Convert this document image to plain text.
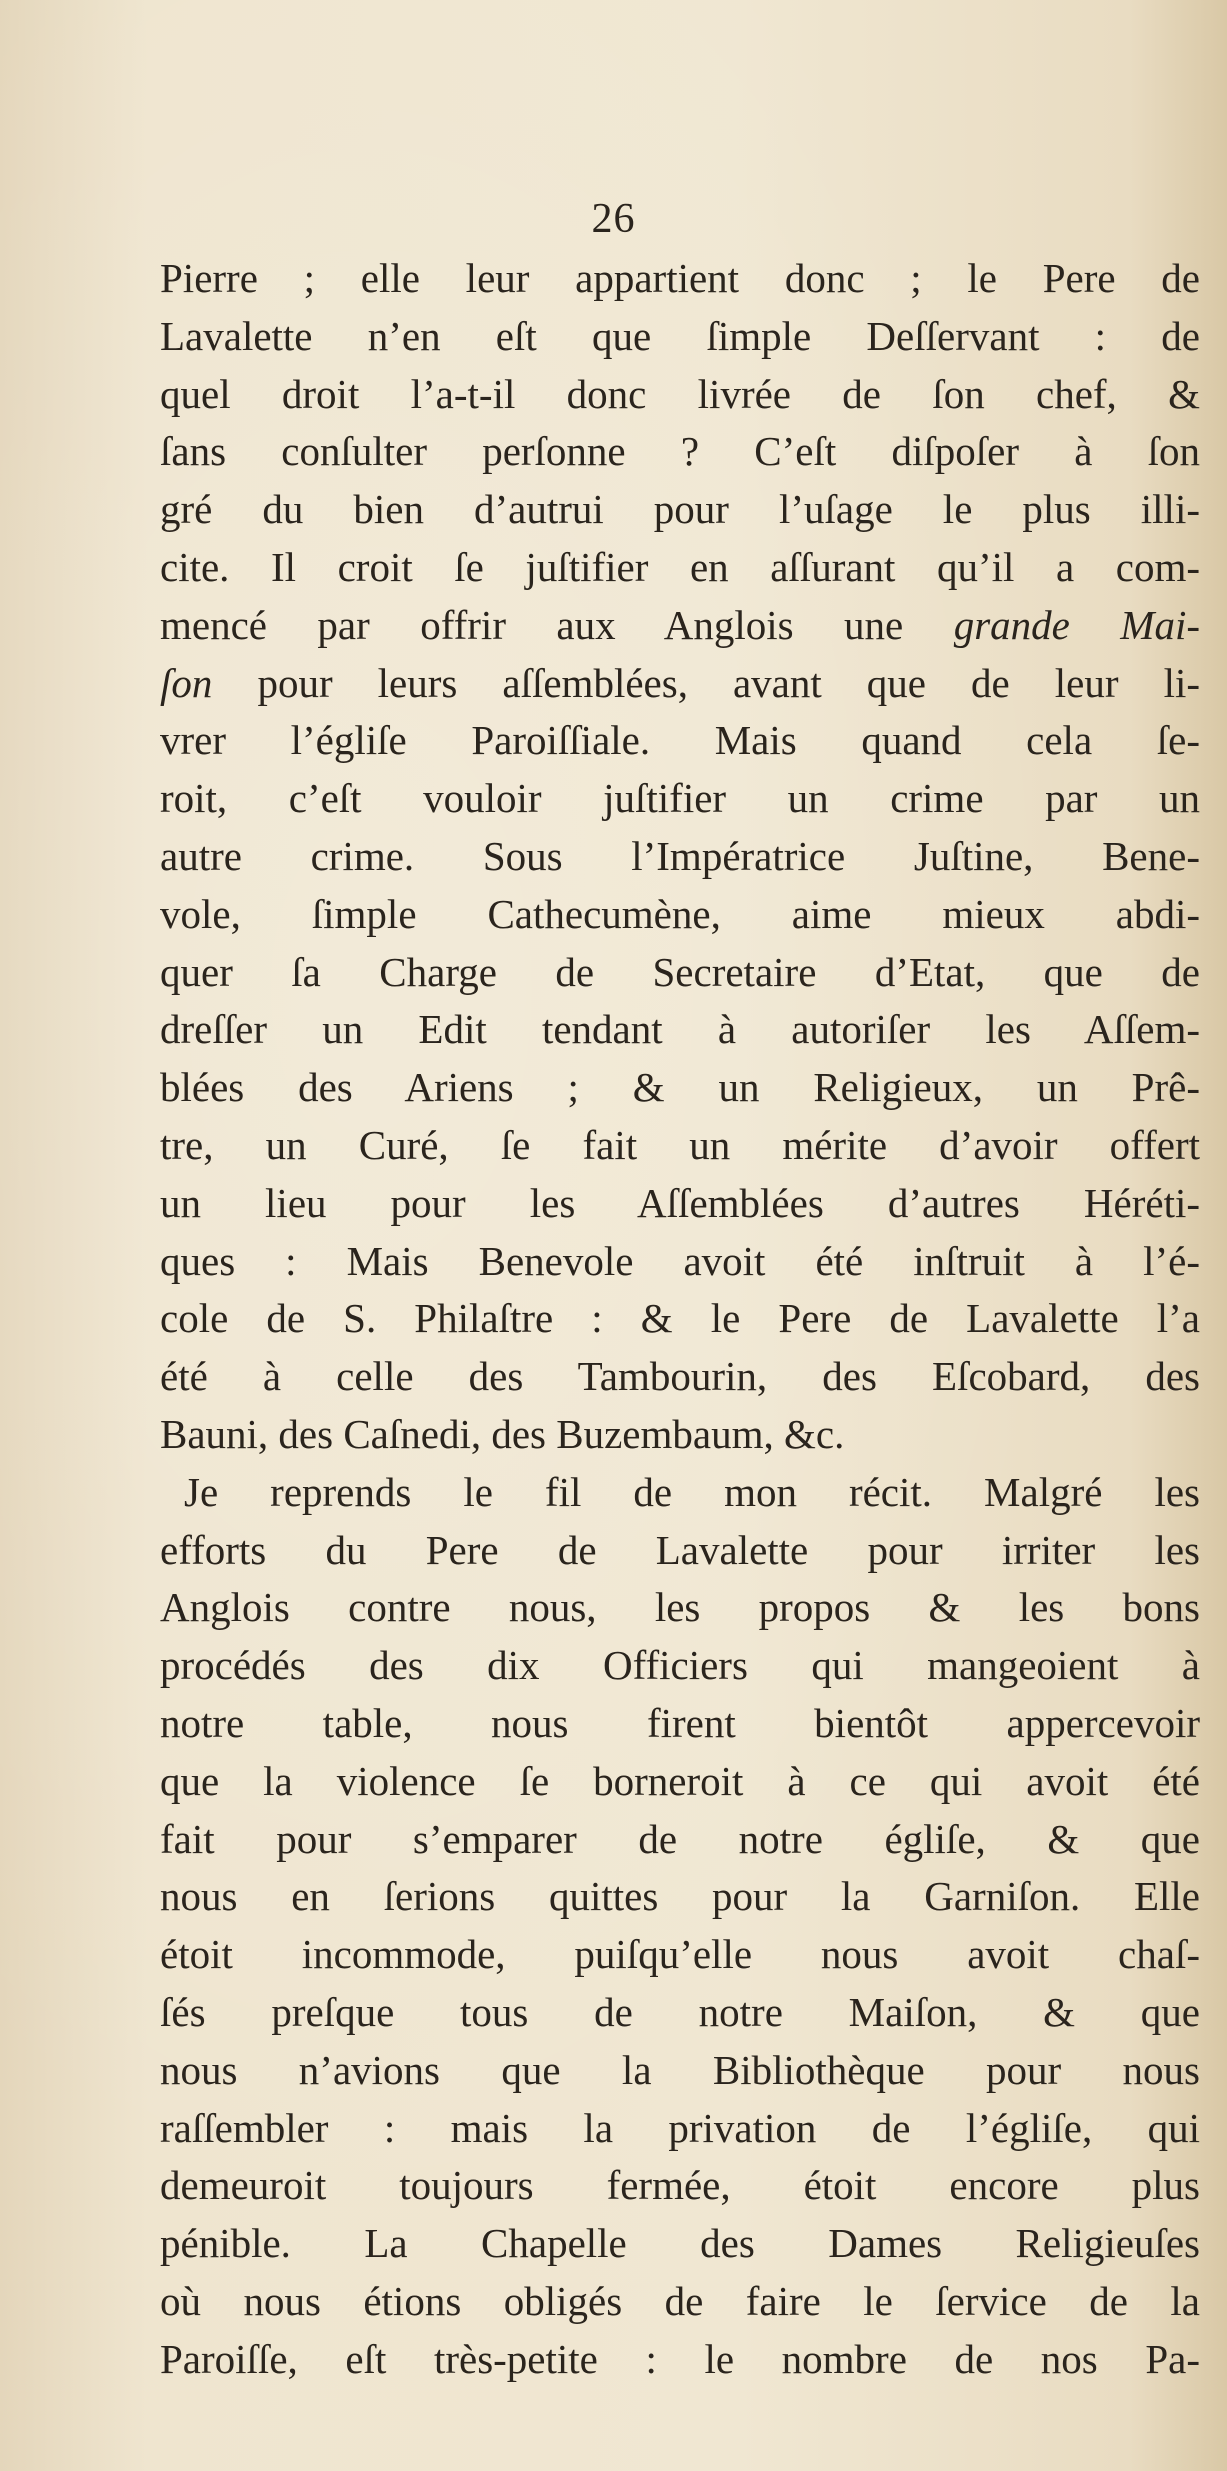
26
Pierre ; elle leur appartient donc ; le Pere de
Lavalette n’en eſt que ſimple Deſſervant : de
quel droit l’a-t-il donc livrée de ſon chef, &
ſans conſulter perſonne ? C’eſt diſpoſer à ſon
gré du bien d’autrui pour l’uſage le plus illi-
cite. Il croit ſe juſtifier en aſſurant qu’il a com-
mencé par offrir aux Anglois une grande Mai-
ſon pour leurs aſſemblées, avant que de leur li-
vrer l’égliſe Paroiſſiale. Mais quand cela ſe-
roit, c’eſt vouloir juſtifier un crime par un
autre crime. Sous l’Impératrice Juſtine, Bene-
vole, ſimple Cathecumène, aime mieux abdi-
quer ſa Charge de Secretaire d’Etat, que de
dreſſer un Edit tendant à autoriſer les Aſſem-
blées des Ariens ; & un Religieux, un Prê-
tre, un Curé, ſe fait un mérite d’avoir offert
un lieu pour les Aſſemblées d’autres Héréti-
ques : Mais Benevole avoit été inſtruit à l’é-
cole de S. Philaſtre : & le Pere de Lavalette l’a
été à celle des Tambourin, des Eſcobard, des
Bauni, des Caſnedi, des Buzembaum, &c.
Je reprends le fil de mon récit. Malgré les
efforts du Pere de Lavalette pour irriter les
Anglois contre nous, les propos & les bons
procédés des dix Officiers qui mangeoient à
notre table, nous firent bientôt appercevoir
que la violence ſe borneroit à ce qui avoit été
fait pour s’emparer de notre égliſe, & que
nous en ſerions quittes pour la Garniſon. Elle
étoit incommode, puiſqu’elle nous avoit chaſ-
ſés preſque tous de notre Maiſon, & que
nous n’avions que la Bibliothèque pour nous
raſſembler : mais la privation de l’égliſe, qui
demeuroit toujours fermée, étoit encore plus
pénible. La Chapelle des Dames Religieuſes
où nous étions obligés de faire le ſervice de la
Paroiſſe, eſt très-petite : le nombre de nos Pa-
